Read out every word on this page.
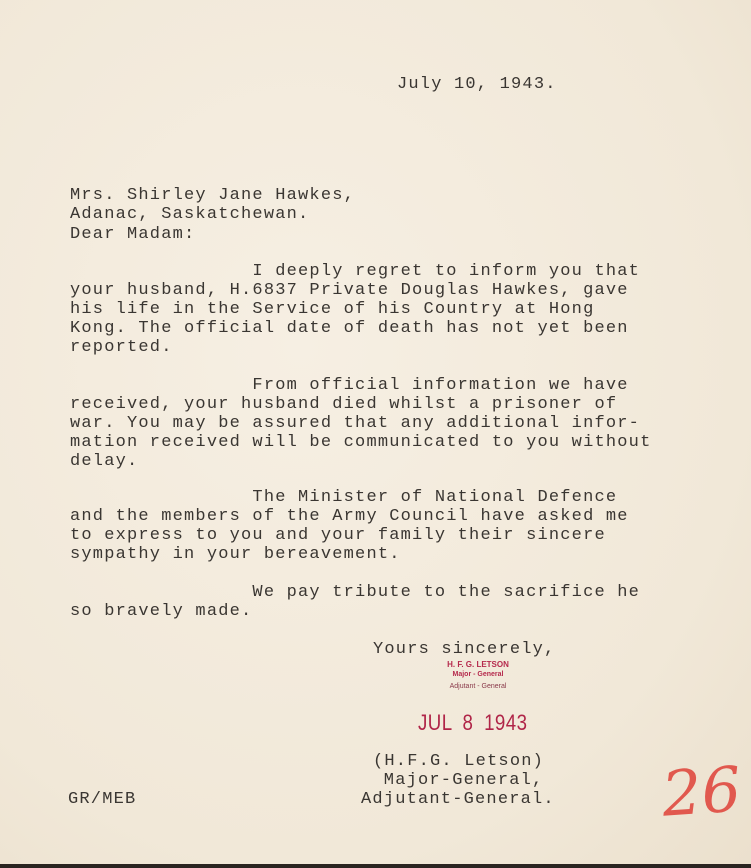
July 10, 1943.

Mrs. Shirley Jane Hawkes,
Adanac, Saskatchewan.

Dear Madam:
I deeply regret to inform you that
your husband, H.6837 Private Douglas Hawkes, gave
his life in the Service of his Country at Hong
Kong. The official date of death has not yet been
reported.
From official information we have
received, your husband died whilst a prisoner of
war. You may be assured that any additional infor-
mation received will be communicated to you without
delay.
The Minister of National Defence
and the members of the Army Council have asked me
to express to you and your family their sincere
sympathy in your bereavement.
We pay tribute to the sacrifice he
so bravely made.
Yours sincerely,
H. F. G. LETSON
Major - General
Adjutant - General
JUL 8 1943
(H.F.G. Letson)
Major-General,
Adjutant-General.
GR/MEB	26
